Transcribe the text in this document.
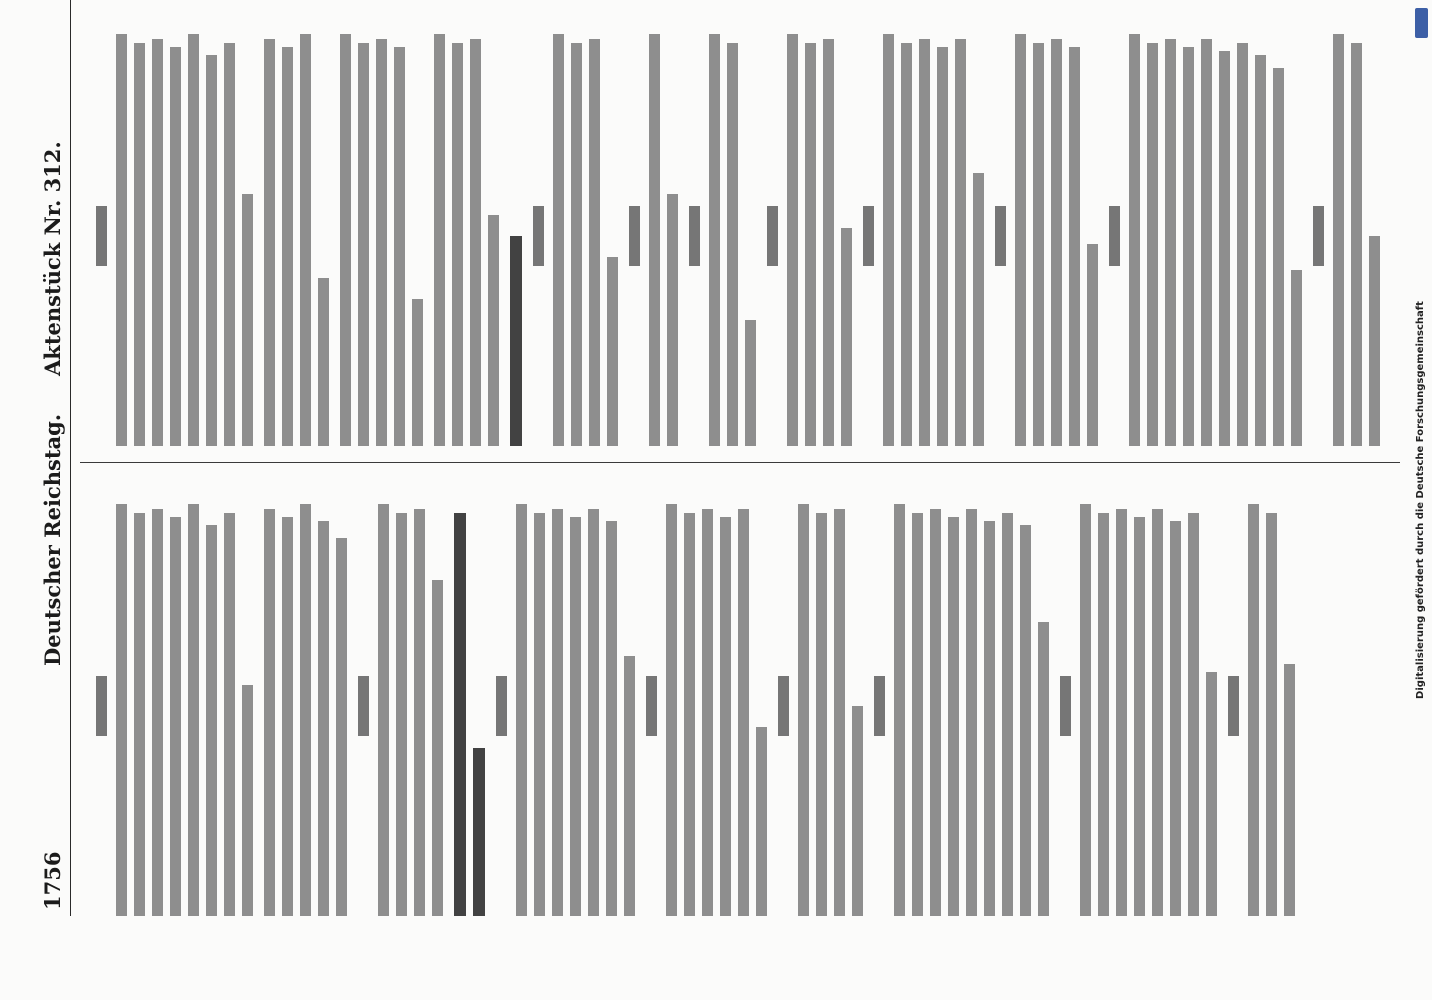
1756
Deutscher Reichstag.
Aktenstück Nr. 312.
Digitalisierung gefördert durch die Deutsche Forschungsgemeinschaft
